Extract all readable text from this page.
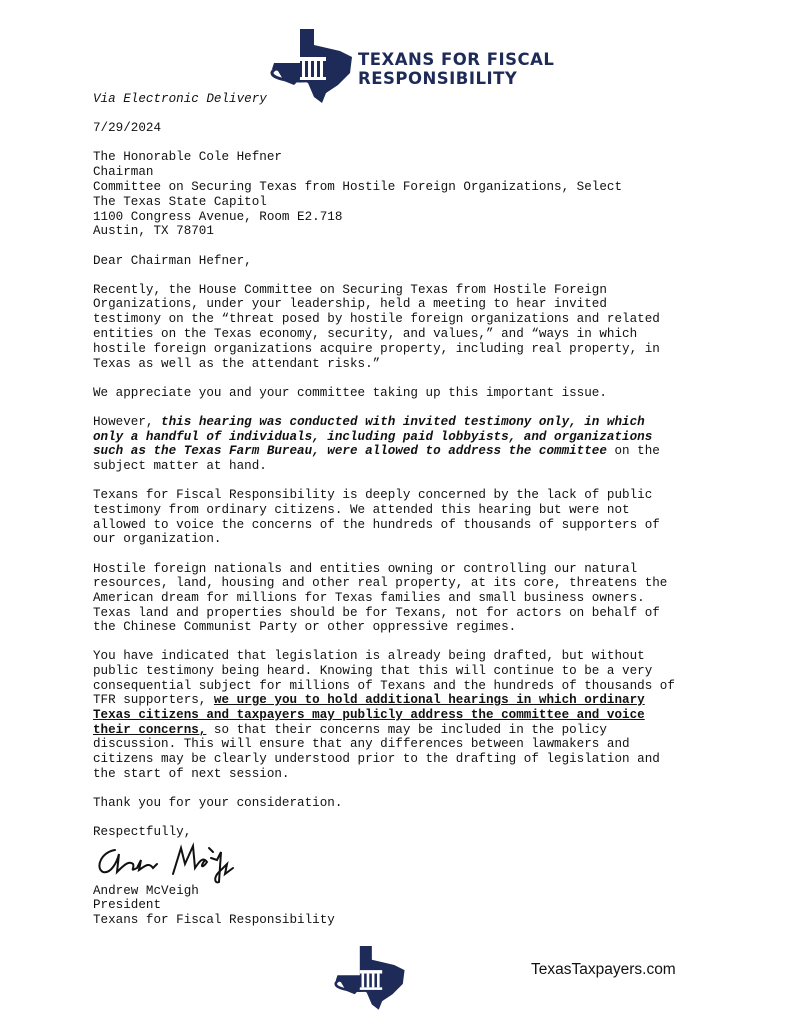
TEXANS FOR FISCAL
RESPONSIBILITY
Via Electronic Delivery
7/29/2024
The Honorable Cole Hefner
Chairman
Committee on Securing Texas from Hostile Foreign Organizations, Select
The Texas State Capitol
1100 Congress Avenue, Room E2.718
Austin, TX 78701
Dear Chairman Hefner,
Recently, the House Committee on Securing Texas from Hostile Foreign
Organizations, under your leadership, held a meeting to hear invited
testimony on the “threat posed by hostile foreign organizations and related
entities on the Texas economy, security, and values,” and “ways in which
hostile foreign organizations acquire property, including real property, in
Texas as well as the attendant risks.”
We appreciate you and your committee taking up this important issue.
However, this hearing was conducted with invited testimony only, in which
only a handful of individuals, including paid lobbyists, and organizations
such as the Texas Farm Bureau, were allowed to address the committee on the
subject matter at hand.
Texans for Fiscal Responsibility is deeply concerned by the lack of public
testimony from ordinary citizens. We attended this hearing but were not
allowed to voice the concerns of the hundreds of thousands of supporters of
our organization.
Hostile foreign nationals and entities owning or controlling our natural
resources, land, housing and other real property, at its core, threatens the
American dream for millions for Texas families and small business owners.
Texas land and properties should be for Texans, not for actors on behalf of
the Chinese Communist Party or other oppressive regimes.
You have indicated that legislation is already being drafted, but without
public testimony being heard. Knowing that this will continue to be a very
consequential subject for millions of Texans and the hundreds of thousands of
TFR supporters, we urge you to hold additional hearings in which ordinary
Texas citizens and taxpayers may publicly address the committee and voice
their concerns, so that their concerns may be included in the policy
discussion. This will ensure that any differences between lawmakers and
citizens may be clearly understood prior to the drafting of legislation and
the start of next session.
Thank you for your consideration.
Respectfully,
Andrew McVeigh
President
Texans for Fiscal Responsibility
TexasTaxpayers.com
